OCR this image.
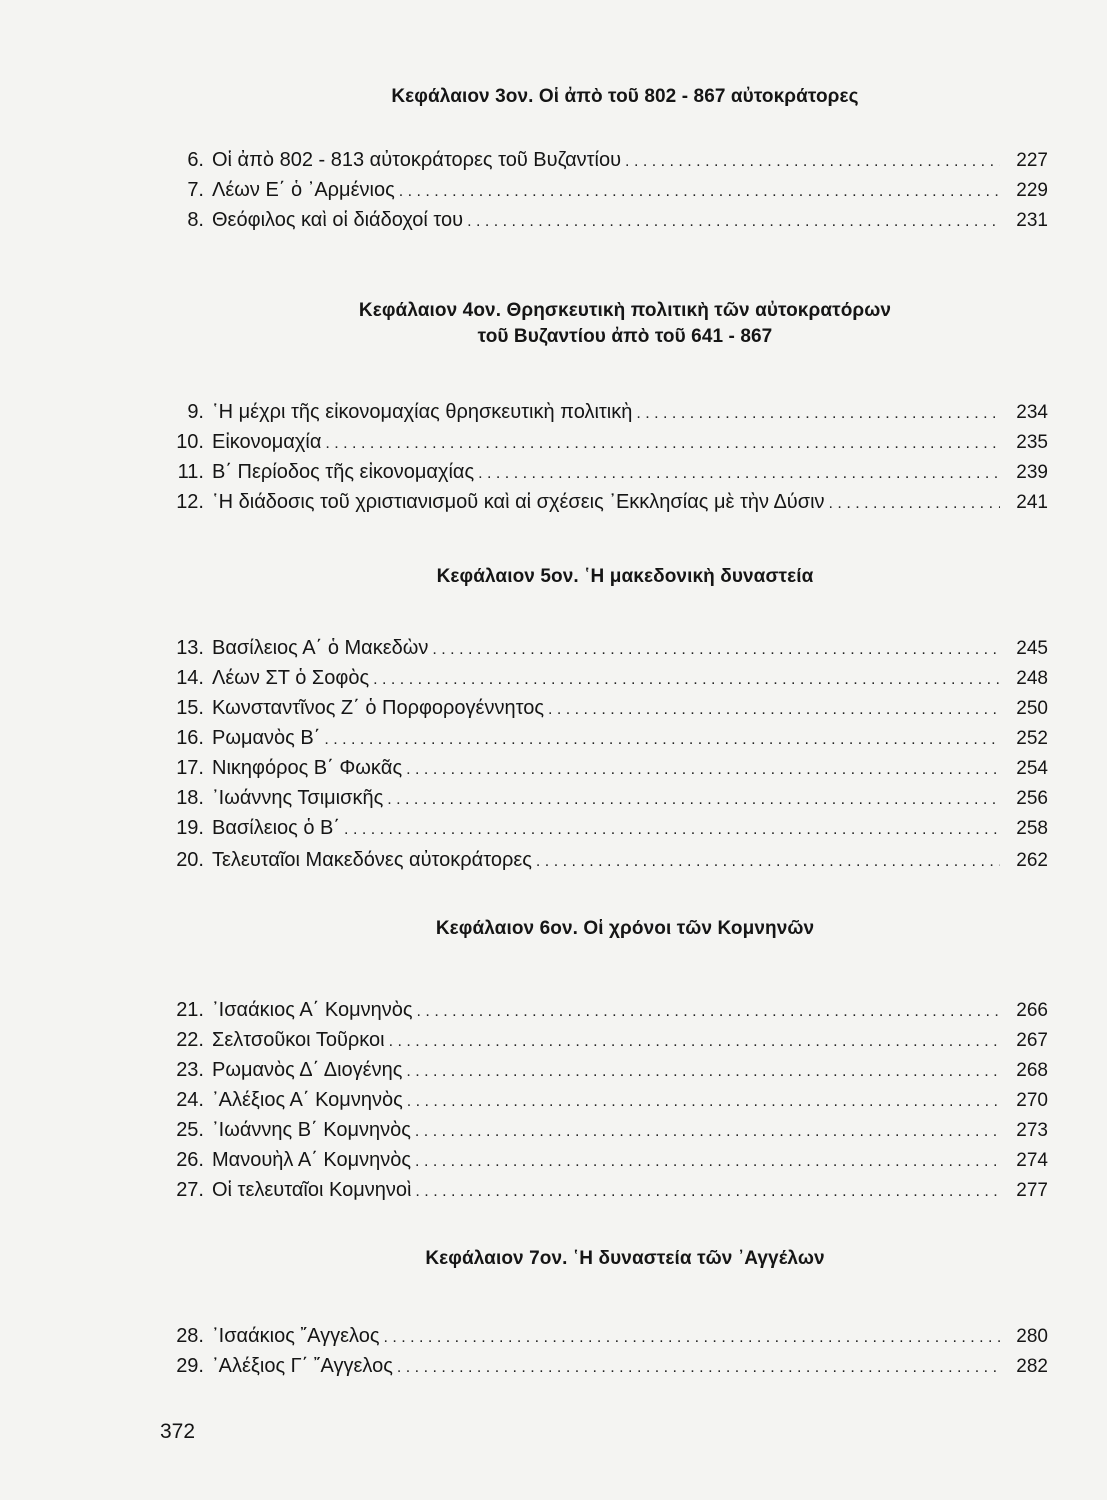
Κεφάλαιον 3ον. Οἱ ἀπὸ τοῦ 802 - 867 αὐτοκράτορες
6. Οἱ ἀπὸ 802 - 813 αὐτοκράτορες τοῦ Βυζαντίου . . .	227
7. Λέων Ε΄ ὁ ᾿Αρμένιος . . .	229
8. Θεόφιλος καὶ οἱ διάδοχοί του . . .	231
Κεφάλαιον 4ον. Θρησκευτικὴ πολιτικὴ τῶν αὐτοκρατόρων
τοῦ Βυζαντίου ἀπὸ τοῦ 641 - 867
9. ῾Η μέχρι τῆς εἰκονομαχίας θρησκευτικὴ πολιτικὴ . . .	234
10. Εἰκονομαχία . . .	235
11. Β΄ Περίοδος τῆς εἰκονομαχίας . . .	239
12. ῾Η διάδοσις τοῦ χριστιανισμοῦ καὶ αἱ σχέσεις ᾿Εκκλησίας μὲ τὴν Δύσιν . . .	241
Κεφάλαιον 5ον. ῾Η μακεδονικὴ δυναστεία
13. Βασίλειος Α΄ ὁ Μακεδὼν . . .	245
14. Λέων ΣΤ ὁ Σοφὸς . . .	248
15. Κωνσταντῖνος Ζ΄ ὁ Πορφορογέννητος . . .	250
16. Ρωμανὸς Β΄ . . .	252
17. Νικηφόρος Β΄ Φωκᾶς . . .	254
18. ᾿Ιωάννης Τσιμισκῆς . . .	256
19. Βασίλειος ὁ Β΄ . . .	258
20. Τελευταῖοι Μακεδόνες αὐτοκράτορες . . .	262
Κεφάλαιον 6ον. Οἱ χρόνοι τῶν Κομνηνῶν
21. ᾿Ισαάκιος Α΄ Κομνηνὸς . . .	266
22. Σελτσοῦκοι Τοῦρκοι . . .	267
23. Ρωμανὸς Δ΄ Διογένης . . .	268
24. ᾿Αλέξιος Α΄ Κομνηνὸς . . .	270
25. ᾿Ιωάννης Β΄ Κομνηνὸς . . .	273
26. Μανουὴλ Α΄ Κομνηνὸς . . .	274
27. Οἱ τελευταῖοι Κομνηνοὶ . . .	277
Κεφάλαιον 7ον. ῾Η δυναστεία τῶν ᾿Αγγέλων
28. ᾿Ισαάκιος ῎Αγγελος . . .	280
29. ᾿Αλέξιος Γ΄ ῎Αγγελος . . .	282
372
